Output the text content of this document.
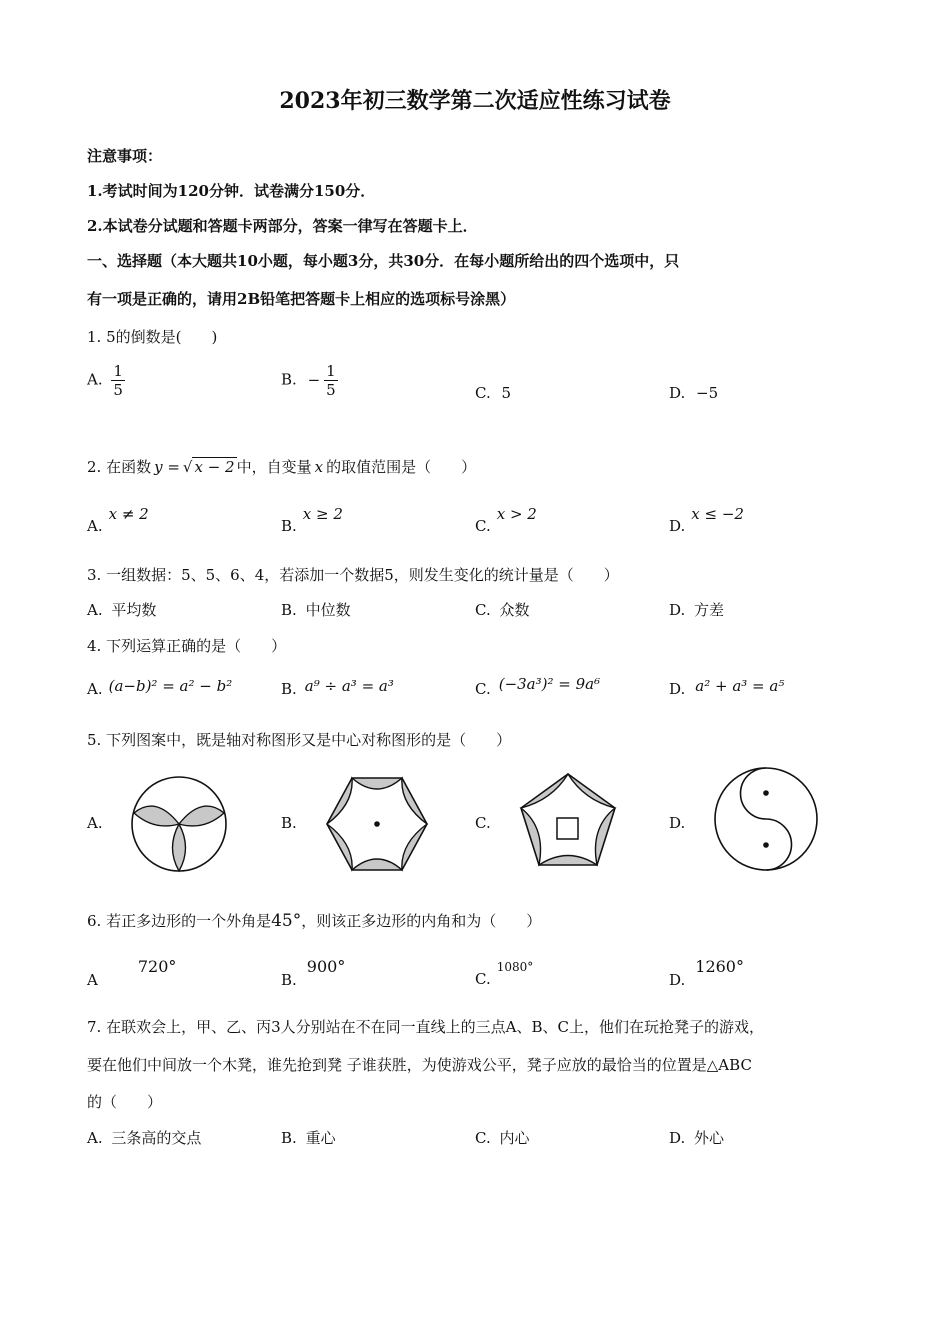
2023年初三数学第二次适应性练习试卷
注意事项：
1.考试时间为120分钟．试卷满分150分．
2.本试卷分试题和答题卡两部分，答案一律写在答题卡上．
一、选择题（本大题共10小题，每小题3分，共30分．在每小题所给出的四个选项中，只
有一项是正确的，请用2B铅笔把答题卡上相应的选项标号涂黑）
1. 5的倒数是(　　)
A. $\frac{1}{5}$	B. − $\frac{1}{5}$	C. 5	D. −5
2. 在函数 y = √ x − 2 中，自变量 x 的取值范围是（　　）
A.x ≠ 2
B.x ≥ 2
C.x > 2
D.x ≤ −2
3. 一组数据：5、5、6、4，若添加一个数据5，则发生变化的统计量是（　　）
A. 平均数	B. 中位数	C. 众数	D. 方差
4. 下列运算正确的是（　　）
A. (a−b)² = a² − b²	B. a⁹ ÷ a³ = a³	C. (−3a³)² = 9a⁶	D. a² + a³ = a⁵
5. 下列图案中，既是轴对称图形又是中心对称图形的是（　　）
A.	B.	C.	D.
6. 若正多边形的一个外角是45°，则该正多边形的内角和为（　　）
A720°
B.900°
C.$^{1080^\circ}$
D.1260°
7. 在联欢会上，甲、乙、丙3人分别站在不在同一直线上的三点A、B、C上，他们在玩抢凳子的游戏，
要在他们中间放一个木凳，谁先抢到凳 子谁获胜，为使游戏公平，凳子应放的最恰当的位置是△ABC
的（　　）
A. 三条高的交点	B. 重心	C. 内心	D. 外心
